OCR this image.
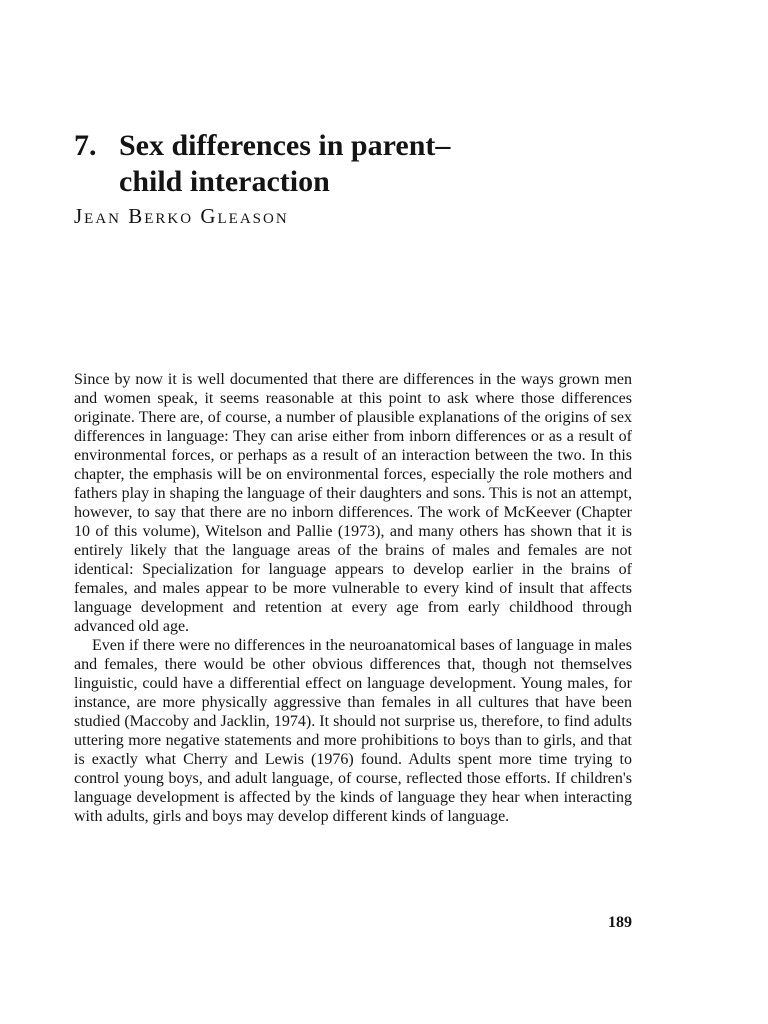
7. Sex differences in parent–
child interaction
Jean Berko Gleason

Since by now it is well documented that there are differences in the ways grown men and women speak, it seems reasonable at this point to ask where those differences originate. There are, of course, a number of plausible explanations of the origins of sex differences in language: They can arise either from inborn differences or as a result of environmental forces, or perhaps as a result of an interaction between the two. In this chapter, the emphasis will be on environmental forces, especially the role mothers and fathers play in shaping the language of their daughters and sons. This is not an attempt, however, to say that there are no inborn differences. The work of McKeever (Chapter 10 of this volume), Witelson and Pallie (1973), and many others has shown that it is entirely likely that the language areas of the brains of males and females are not identical: Specialization for language appears to develop earlier in the brains of females, and males appear to be more vulnerable to every kind of insult that affects language development and retention at every age from early childhood through advanced old age.

Even if there were no differences in the neuroanatomical bases of language in males and females, there would be other obvious differences that, though not themselves linguistic, could have a differential effect on language development. Young males, for instance, are more physically aggressive than females in all cultures that have been studied (Maccoby and Jacklin, 1974). It should not surprise us, therefore, to find adults uttering more negative statements and more prohibitions to boys than to girls, and that is exactly what Cherry and Lewis (1976) found. Adults spent more time trying to control young boys, and adult language, of course, reflected those efforts. If children's language development is affected by the kinds of language they hear when interacting with adults, girls and boys may develop different kinds of language.

189
